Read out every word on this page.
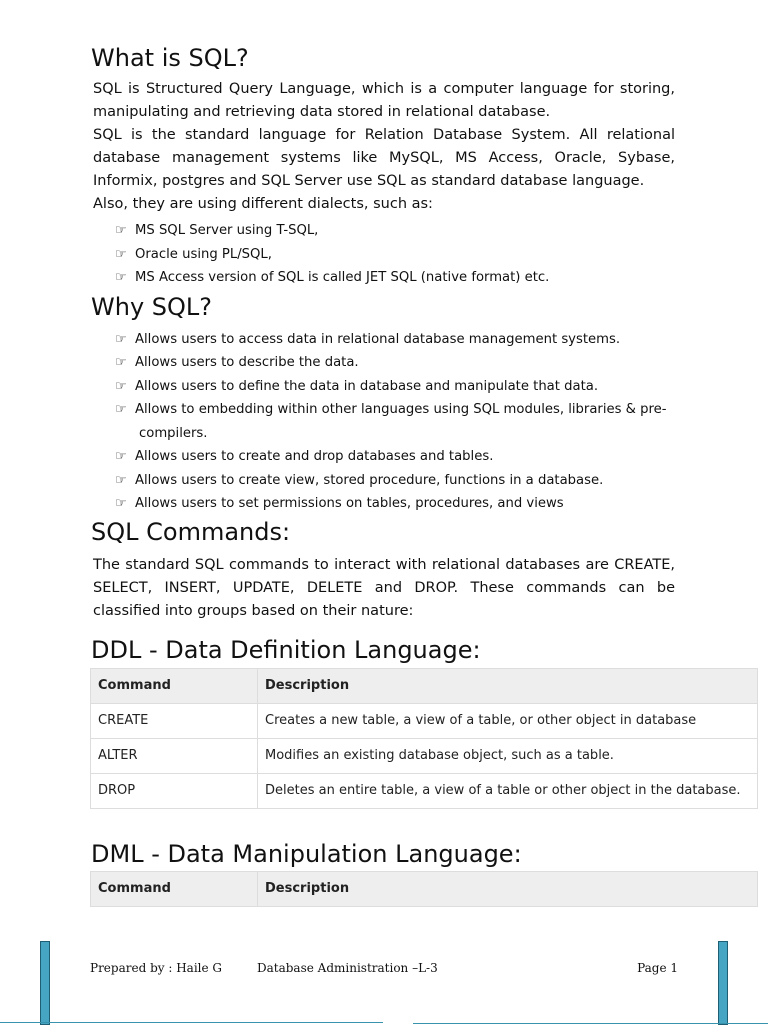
What is SQL?

SQL is Structured Query Language, which is a computer language for storing, manipulating and retrieving data stored in relational database.

SQL is the standard language for Relation Database System. All relational database management systems like MySQL, MS Access, Oracle, Sybase, Informix, postgres and SQL Server use SQL as standard database language.

Also, they are using different dialects, such as:

☞ MS SQL Server using T-SQL,
☞ Oracle using PL/SQL,
☞ MS Access version of SQL is called JET SQL (native format) etc.
Why SQL?
☞ Allows users to access data in relational database management systems.
☞ Allows users to describe the data.
☞ Allows users to define the data in database and manipulate that data.
☞ Allows to embedding within other languages using SQL modules, libraries & pre-
compilers.
☞ Allows users to create and drop databases and tables.
☞ Allows users to create view, stored procedure, functions in a database.
☞ Allows users to set permissions on tables, procedures, and views
SQL Commands:

The standard SQL commands to interact with relational databases are CREATE, SELECT, INSERT, UPDATE, DELETE and DROP. These commands can be classified into groups based on their nature:

DDL - Data Definition Language:
Command	Description
CREATE	Creates a new table, a view of a table, or other object in database
ALTER	Modifies an existing database object, such as a table.
DROP	Deletes an entire table, a view of a table or other object in the database.
DML - Data Manipulation Language:
Command	Description
Prepared by : Haile G	Database Administration –L-3	Page 1
